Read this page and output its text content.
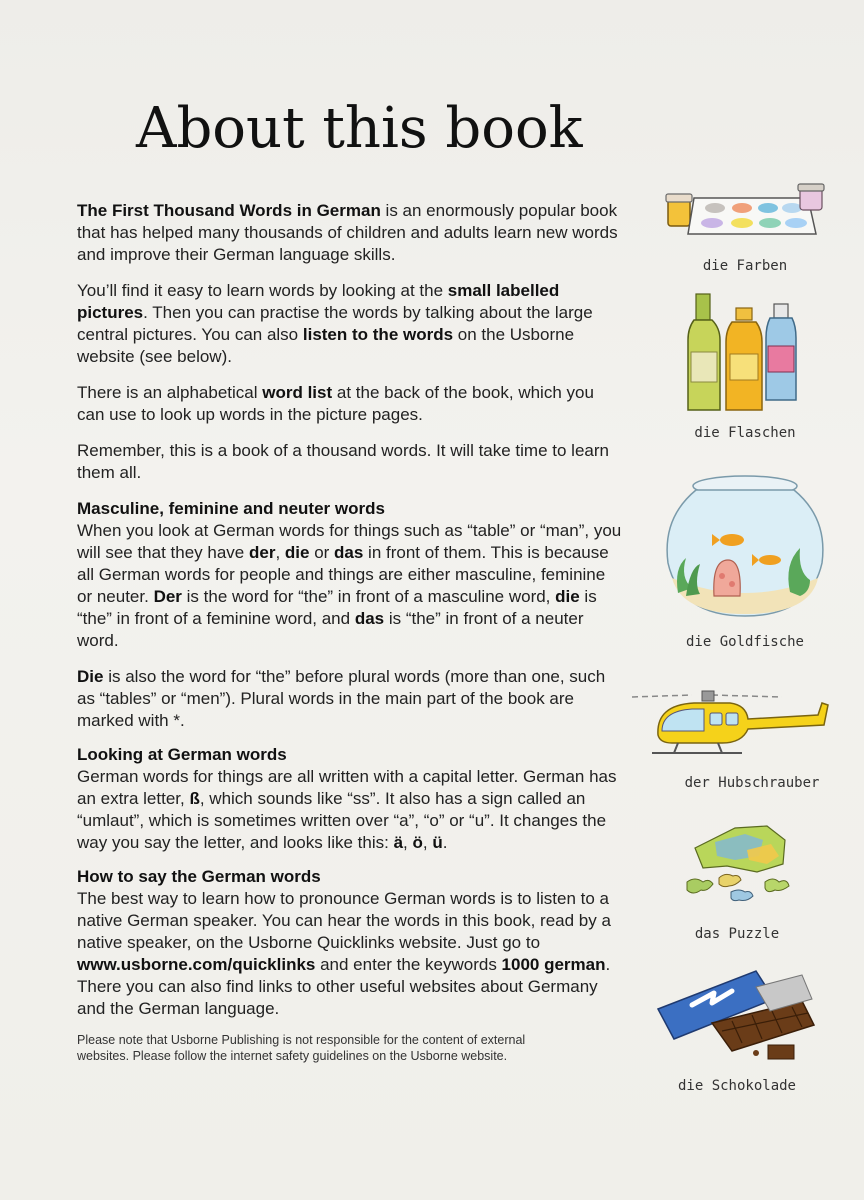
About this book

The First Thousand Words in German is an enormously popular book that has helped many thousands of children and adults learn new words and improve their German language skills.

You’ll find it easy to learn words by looking at the small labelled pictures. Then you can practise the words by talking about the large central pictures. You can also listen to the words on the Usborne website (see below).

There is an alphabetical word list at the back of the book, which you can use to look up words in the picture pages.

Remember, this is a book of a thousand words. It will take time to learn them all.

Masculine, feminine and neuter words

When you look at German words for things such as “table” or “man”, you will see that they have der, die or das in front of them. This is because all German words for people and things are either masculine, feminine or neuter. Der is the word for “the” in front of a masculine word, die is “the” in front of a feminine word, and das is “the” in front of a neuter word.

Die is also the word for “the” before plural words (more than one, such as “tables” or “men”). Plural words in the main part of the book are marked with *.

Looking at German words

German words for things are all written with a capital letter. German has an extra letter, ß, which sounds like “ss”. It also has a sign called an “umlaut”, which is sometimes written over “a”, “o” or “u”. It changes the way you say the letter, and looks like this: ä, ö, ü.

How to say the German words

The best way to learn how to pronounce German words is to listen to a native German speaker. You can hear the words in this book, read by a native speaker, on the Usborne Quicklinks website. Just go to www.usborne.com/quicklinks and enter the keywords 1000 german. There you can also find links to other useful websites about Germany and the German language.

Please note that Usborne Publishing is not responsible for the content of external websites. Please follow the internet safety guidelines on the Usborne website.
die Farben
die Flaschen
die Goldfische
der Hubschrauber
das Puzzle
die Schokolade
